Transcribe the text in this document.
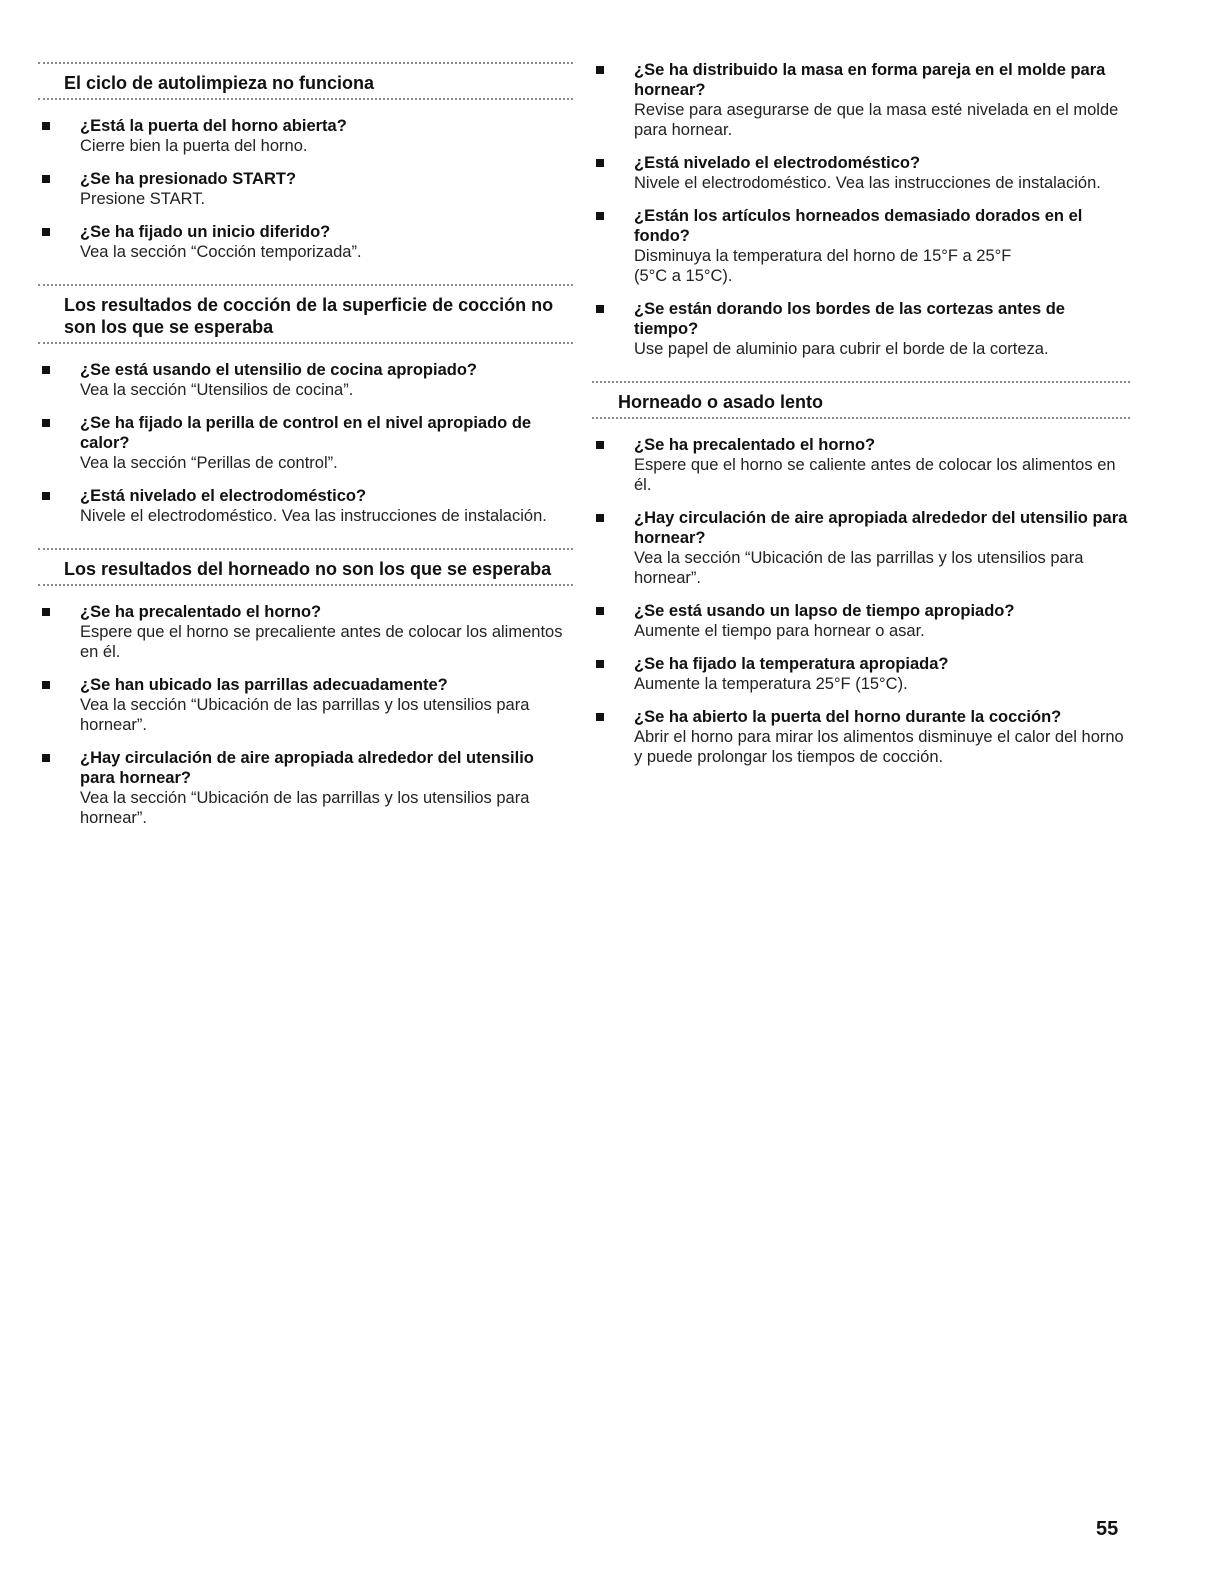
El ciclo de autolimpieza no funciona
¿Está la puerta del horno abierta?
Cierre bien la puerta del horno.
¿Se ha presionado START?
Presione START.
¿Se ha fijado un inicio diferido?
Vea la sección “Cocción temporizada”.
Los resultados de cocción de la superficie de cocción no son los que se esperaba
¿Se está usando el utensilio de cocina apropiado?
Vea la sección “Utensilios de cocina”.
¿Se ha fijado la perilla de control en el nivel apropiado de calor?
Vea la sección “Perillas de control”.
¿Está nivelado el electrodoméstico?
Nivele el electrodoméstico. Vea las instrucciones de instalación.
Los resultados del horneado no son los que se esperaba
¿Se ha precalentado el horno?
Espere que el horno se precaliente antes de colocar los alimentos en él.
¿Se han ubicado las parrillas adecuadamente?
Vea la sección “Ubicación de las parrillas y los utensilios para hornear”.
¿Hay circulación de aire apropiada alrededor del utensilio para hornear?
Vea la sección “Ubicación de las parrillas y los utensilios para hornear”.
¿Se ha distribuido la masa en forma pareja en el molde para hornear?
Revise para asegurarse de que la masa esté nivelada en el molde para hornear.
¿Está nivelado el electrodoméstico?
Nivele el electrodoméstico. Vea las instrucciones de instalación.
¿Están los artículos horneados demasiado dorados en el fondo?
Disminuya la temperatura del horno de 15°F a 25°F
(5°C a 15°C).
¿Se están dorando los bordes de las cortezas antes de tiempo?
Use papel de aluminio para cubrir el borde de la corteza.
Horneado o asado lento
¿Se ha precalentado el horno?
Espere que el horno se caliente antes de colocar los alimentos en él.
¿Hay circulación de aire apropiada alrededor del utensilio para hornear?
Vea la sección “Ubicación de las parrillas y los utensilios para hornear”.
¿Se está usando un lapso de tiempo apropiado?
Aumente el tiempo para hornear o asar.
¿Se ha fijado la temperatura apropiada?
Aumente la temperatura 25°F (15°C).
¿Se ha abierto la puerta del horno durante la cocción?
Abrir el horno para mirar los alimentos disminuye el calor del horno y puede prolongar los tiempos de cocción.
55
